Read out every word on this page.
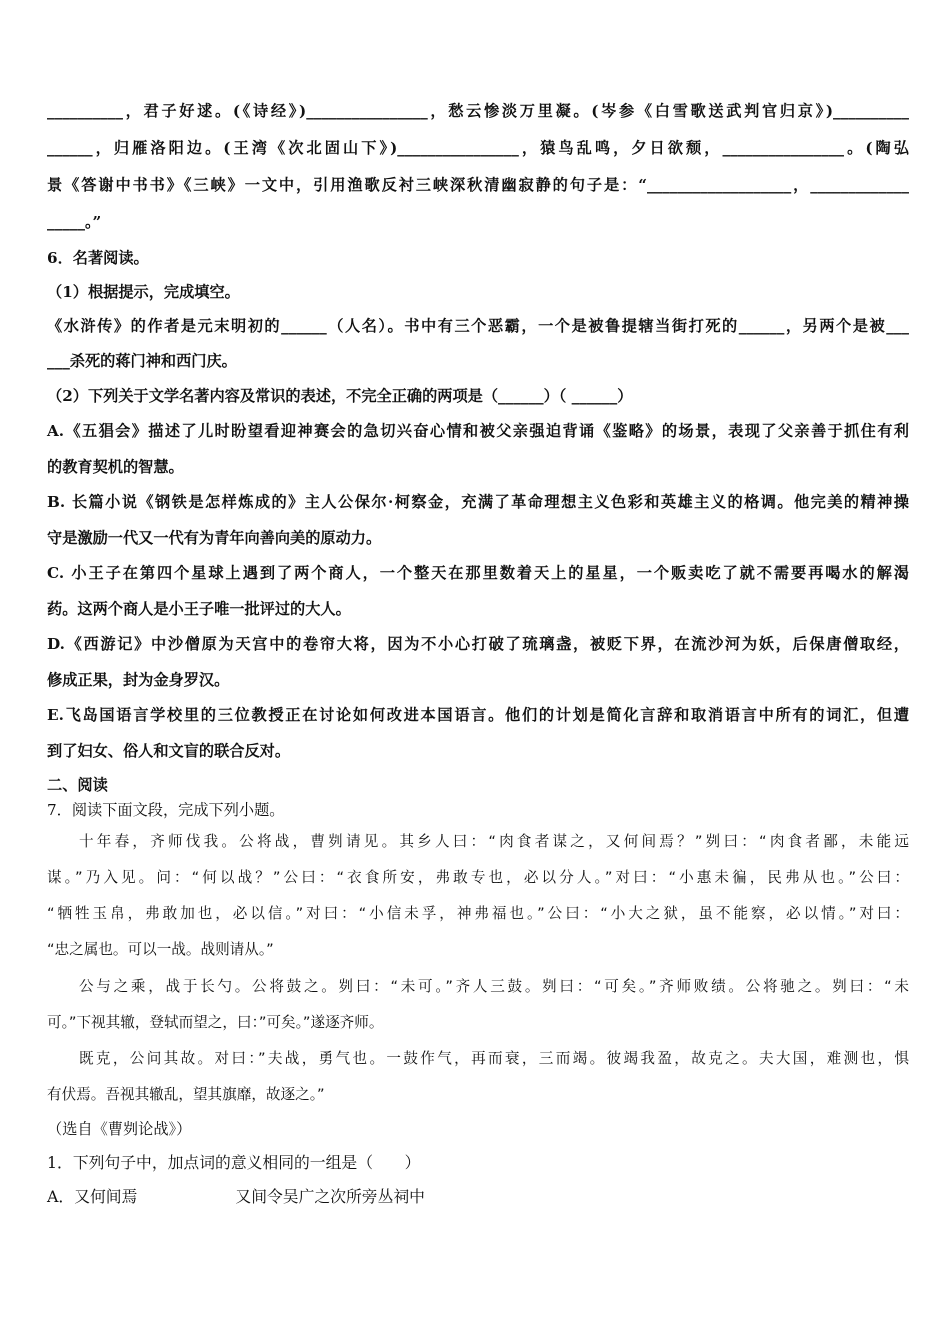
__________，君子好逑。(《诗经》)________________，愁云惨淡万里凝。(岑参《白雪歌送武判官归京》)__________
______，归雁洛阳边。(王湾《次北固山下》)________________，猿鸟乱鸣，夕日欲颓，________________。(陶弘
景《答谢中书书》《三峡》一文中，引用渔歌反衬三峡深秋清幽寂静的句子是：“___________________，_____________
_____。”
6．名著阅读。
（1）根据提示，完成填空。
《水浒传》的作者是元末明初的______（人名）。书中有三个恶霸，一个是被鲁提辖当街打死的______，另两个是被___
___杀死的蒋门神和西门庆。
（2）下列关于文学名著内容及常识的表述，不完全正确的两项是（______）（ ______）
A.《五猖会》描述了儿时盼望看迎神赛会的急切兴奋心情和被父亲强迫背诵《鉴略》的场景，表现了父亲善于抓住有利
的教育契机的智慧。
B. 长篇小说《钢铁是怎样炼成的》主人公保尔·柯察金，充满了革命理想主义色彩和英雄主义的格调。他完美的精神操
守是激励一代又一代有为青年向善向美的原动力。
C. 小王子在第四个星球上遇到了两个商人，一个整天在那里数着天上的星星，一个贩卖吃了就不需要再喝水的解渴
药。这两个商人是小王子唯一批评过的大人。
D.《西游记》中沙僧原为天宫中的卷帘大将，因为不小心打破了琉璃盏，被贬下界，在流沙河为妖，后保唐僧取经，
修成正果，封为金身罗汉。
E.飞岛国语言学校里的三位教授正在讨论如何改进本国语言。他们的计划是简化言辞和取消语言中所有的词汇，但遭
到了妇女、俗人和文盲的联合反对。
二、阅读
7．阅读下面文段，完成下列小题。
十年春，齐师伐我。公将战，曹刿请见。其乡人曰：“肉食者谋之，又何间焉？”刿曰：“肉食者鄙，未能远
谋。”乃入见。问：“何以战？”公曰：“衣食所安，弗敢专也，必以分人。”对曰：“小惠未徧，民弗从也。”公曰：
“牺牲玉帛，弗敢加也，必以信。”对曰：“小信未孚，神弗福也。”公曰：“小大之狱，虽不能察，必以情。”对曰：
“忠之属也。可以一战。战则请从。”
公与之乘，战于长勺。公将鼓之。刿曰：“未可。”齐人三鼓。刿曰：“可矣。”齐师败绩。公将驰之。刿曰：“未
可。”下视其辙，登轼而望之，曰：”可矣。”遂逐齐师。
既克，公问其故。对曰：”夫战，勇气也。一鼓作气，再而衰，三而竭。彼竭我盈，故克之。夫大国，难测也，惧
有伏焉。吾视其辙乱，望其旗靡，故逐之。”
（选自《曹刿论战》）
1．下列句子中，加点词的意义相同的一组是（　　）
A．又何间焉	又间令吴广之次所旁丛祠中
